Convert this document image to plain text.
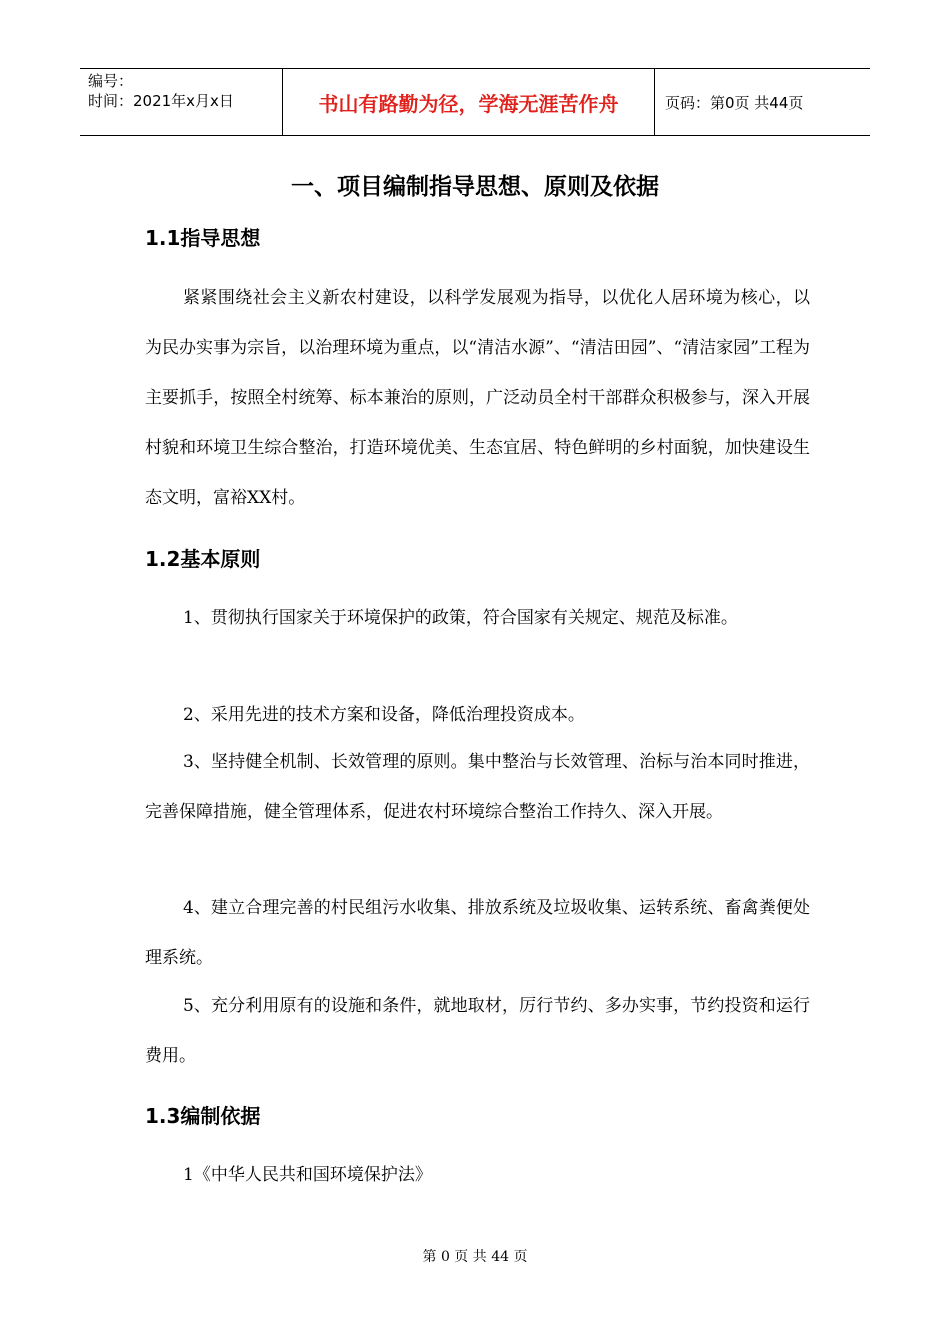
编号：
时间：2021年x月x日	书山有路勤为径，学海无涯苦作舟	页码：第0页 共44页
一、项目编制指导思想、原则及依据
1.1指导思想
紧紧围绕社会主义新农村建设，以科学发展观为指导，以优化人居环境为核心，以为民办实事为宗旨，以治理环境为重点，以“清洁水源”、“清洁田园”、“清洁家园”工程为主要抓手，按照全村统筹、标本兼治的原则，广泛动员全村干部群众积极参与，深入开展村貌和环境卫生综合整治，打造环境优美、生态宜居、特色鲜明的乡村面貌，加快建设生态文明，富裕XX村。
1.2基本原则
1、贯彻执行国家关于环境保护的政策，符合国家有关规定、规范及标准。
2、采用先进的技术方案和设备，降低治理投资成本。
3、坚持健全机制、长效管理的原则。集中整治与长效管理、治标与治本同时推进，完善保障措施，健全管理体系，促进农村环境综合整治工作持久、深入开展。
4、建立合理完善的村民组污水收集、排放系统及垃圾收集、运转系统、畜禽粪便处理系统。
5、充分利用原有的设施和条件，就地取材，厉行节约、多办实事，节约投资和运行费用。
1.3编制依据
1《中华人民共和国环境保护法》
第 0 页 共 44 页
